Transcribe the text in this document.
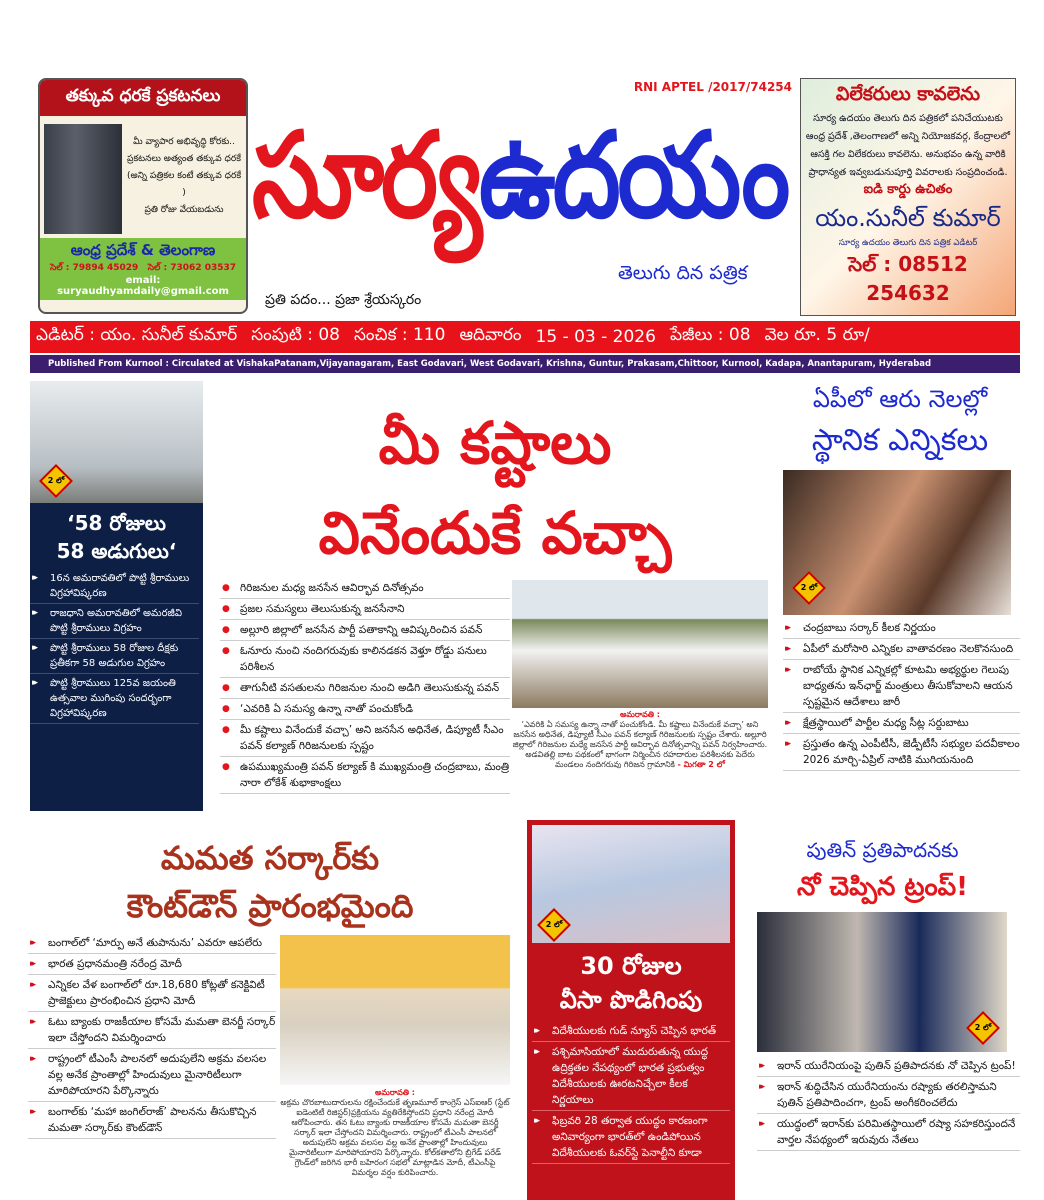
తక్కువ ధరకే ప్రకటనలు
మీ వ్యాపార అభివృద్ధి కోరకు..
ప్రకటనలు అత్యంత తక్కువ ధరకే
(అన్ని పత్రికల కంటే తక్కువ ధరకే )
ప్రతి రోజు వేయబడును
ఆంధ్ర ప్రదేశ్ & తెలంగాణ
సెల్ : 79894 45029 సెల్ : 73062 03537
email: suryaudhyamdaily@gmail.com
RNI APTEL /2017/74254
సూర్యఉదయం
ప్రతి పదం... ప్రజా శ్రేయస్కరం
తెలుగు దిన పత్రిక
విలేకరులు కావలెను
సూర్య ఉదయం తెలుగు దిన పత్రికలో పనిచేయుటకు
ఆంధ్ర ప్రదేశ్ ,తెలంగాణలో అన్ని నియోజకవర్గ, కేంద్రాలలో
ఆసక్తి గల విలేకరులు కావలెను. అనుభవం ఉన్న వారికి
ప్రాధాన్యత ఇవ్వబడునుపూర్తి వివరాలకు సంప్రదించండి.
ఐడి కార్డు ఉచితం
యం.సునీల్ కుమార్
సూర్య ఉదయం తెలుగు దిన పత్రిక ఎడిటర్
సెల్ : 08512 254632
ఎడిటర్ : యం. సునీల్ కుమార్ సంపుటి : 08 సంచిక : 110 ఆదివారం 15 - 03 - 2026 పేజీలు : 08 వెల రూ. 5 రూ/
Published From Kurnool : Circulated at VishakaPatanam,Vijayanagaram, East Godavari, West Godavari, Krishna, Guntur, Prakasam,Chittoor, Kurnool, Kadapa, Anantapuram, Hyderabad
2 లో
‘58 రోజులు
58 అడుగులు‘
▸▸ 16న అమరావతిలో పొట్టి శ్రీరాములు విగ్రహావిష్కరణ
▸▸ రాజధాని అమరావతిలో అమరజీవి పొట్టి శ్రీరాములు విగ్రహం
▸▸ పొట్టి శ్రీరాములు 58 రోజుల దీక్షకు ప్రతీకగా 58 అడుగుల విగ్రహం
▸▸ పొట్టి శ్రీరాములు 125వ జయంతి ఉత్సవాల ముగింపు సందర్భంగా విగ్రహావిష్కరణ
మీ కష్టాలు
వినేందుకే వచ్చా
● గిరిజనుల మధ్య జనసేన ఆవిర్భావ దినోత్సవం
● ప్రజల సమస్యలు తెలుసుకున్న జనసేనాని
● అల్లూరి జిల్లాలో జనసేన పార్టీ పతాకాన్ని ఆవిష్కరించిన పవన్
● ఓనూరు నుంచి నందిగరువుకు కాలినడకన వెళ్తూ రోడ్డు పనులు పరిశీలన
● తాగునీటి వసతులను గిరిజనుల నుంచి అడిగి తెలుసుకున్న పవన్
● ‘ఎవరికి ఏ సమస్య ఉన్నా నాతో పంచుకోండి
● మీ కష్టాలు వినేందుకే వచ్చా’ అని జనసేన అధినేత, డిప్యూటీ సీఎం పవన్ కల్యాణ్ గిరిజనులకు స్పష్టం
● ఉపముఖ్యమంత్రి పవన్ కల్యాణ్ కి ముఖ్యమంత్రి చంద్రబాబు, మంత్రి నారా లోకేశ్ శుభాకాంక్షలు
అమరావతి :
‘ఎవరికి ఏ సమస్య ఉన్నా నాతో పంచుకోండి. మీ కష్టాలు వినేందుకే వచ్చా’ అని జనసేన అధినేత, డిప్యూటీ సీఎం పవన్ కల్యాణ్ గిరిజనులకు స్పష్టం చేశారు. అల్లూరి జిల్లాలో గిరిజనుల మధ్యే జనసేన పార్టీ ఆవిర్భావ దినోత్సవాన్ని పవన్ నిర్వహించారు. అడవితల్లి బాట పథకంలో భాగంగా నిర్మించిన రహదారుల పరిశీలనకు పెదేరు మండలం నందిగరువు గిరిజన గ్రామానికి - మిగతా 2 లో
ఏపీలో ఆరు నెలల్లో
స్థానిక ఎన్నికలు
2 లో
▸▸ చంద్రబాబు సర్కార్ కీలక నిర్ణయం
▸▸ ఏపీలో మరోసారి ఎన్నికల వాతావరణం నెలకొనసుంది
▸▸ రాబోయే స్థానిక ఎన్నికల్లో కూటమి అభ్యర్థుల గెలుపు బాధ్యతను ఇన్‌ఛార్జ్ మంత్రులు తీసుకోవాలని ఆయన స్పష్టమైన ఆదేశాలు జారీ
▸▸ క్షేత్రస్థాయిలో పార్టీల మధ్య సీట్ల సర్దుబాటు
▸▸ ప్రస్తుతం ఉన్న ఎంపీటీసీ, జెడ్పీటీసీ సభ్యుల పదవీకాలం 2026 మార్చి-ఏప్రిల్ నాటికి ముగియనుంది
మమత సర్కార్‌కు
కౌంట్‌డౌన్ ప్రారంభమైంది
▸▸ బంగాల్‌లో ‘మార్పు అనే తుపానును’ ఎవరూ ఆపలేరు
▸▸ భారత ప్రధానమంత్రి నరేంద్ర మోదీ
▸▸ ఎన్నికల వేళ బంగాల్‌లో రూ.18,680 కోట్లతో కనెక్టివిటీ ప్రాజెక్టులు ప్రారంభించిన ప్రధాని మోదీ
▸▸ ఓటు బ్యాంకు రాజకీయాల కోసమే మమతా బెనర్జీ సర్కార్ ఇలా చేస్తోందని విమర్శించారు
▸▸ రాష్ట్రంలో టీఎంసీ పాలనలో అదుపులేని అక్రమ వలసల వల్ల అనేక ప్రాంతాల్లో హిందువులు మైనారిటీలుగా మారిపోయారని పేర్కొన్నారు
▸▸ బంగాల్‌కు ‘మహా జంగిల్‌రాజ్’ పాలనను తీసుకొచ్చిన మమతా సర్కార్‌కు కౌంట్‌డౌన్
అమరావతి :
అక్రమ చొరబాటుదారులను రక్షించేందుకే తృణమూల్ కాంగ్రెస్ ఎస్ఐఆర్ (స్టేట్ ఐడెంటిటీ రిజిస్టర్)ప్రక్రియను వ్యతిరేకిస్తోందని ప్రధాని నరేంద్ర మోదీ ఆరోపించారు. తన ఓటు బ్యాంకు రాజకీయాల కోసమే మమతా బెనర్జీ సర్కార్ ఇలా చేస్తోందని విమర్శించారు. రాష్ట్రంలో టీఎంసీ పాలనలో అదుపులేని అక్రమ వలసల వల్ల అనేక ప్రాంతాల్లో హిందువులు మైనారిటీలుగా మారిపోయారని పేర్కొన్నారు. కోల్‌కతాలోని బ్రిగేడ్ పరేడ్ గ్రౌండ్‌లో జరిగిన భారీ బహిరంగ సభలో మాట్లాడిన మోదీ, టీఎంసీపై విమర్శల వర్షం కురిపించారు.
2 లో
30 రోజుల
వీసా పొడిగింపు
▸▸ విదేశీయులకు గుడ్ న్యూస్ చెప్పిన భారత్
▸▸ పశ్చిమాసియాలో ముదురుతున్న యుద్ధ ఉద్రిక్తతల నేపథ్యంలో భారత ప్రభుత్వం విదేశీయులకు ఊరటనిచ్చేలా కీలక నిర్ణయాలు
▸▸ ఫిబ్రవరి 28 తర్వాత యుద్ధం కారణంగా అనివార్యంగా భారత్‌లో ఉండిపోయిన విదేశీయులకు ఓవర్‌స్టే పెనాల్టీని కూడా
పుతిన్ ప్రతిపాదనకు
నో చెప్పిన ట్రంప్!
2 లో
▸▸ ఇరాన్ యురేనియంపై పుతిన్ ప్రతిపాదనకు నో చెప్పిన ట్రంప్!
▸▸ ఇరాన్ శుద్ధిచేసిన యురేనియంను రష్యాకు తరలిస్తామని పుతిన్ ప్రతిపాదించగా, ట్రంప్ అంగీకరించలేదు
▸▸ యుద్ధంలో ఇరాన్‌కు పరిమితస్థాయిలో రష్యా సహకరిస్తుందనే వార్తల నేపథ్యంలో ఇరువురు నేతలు
